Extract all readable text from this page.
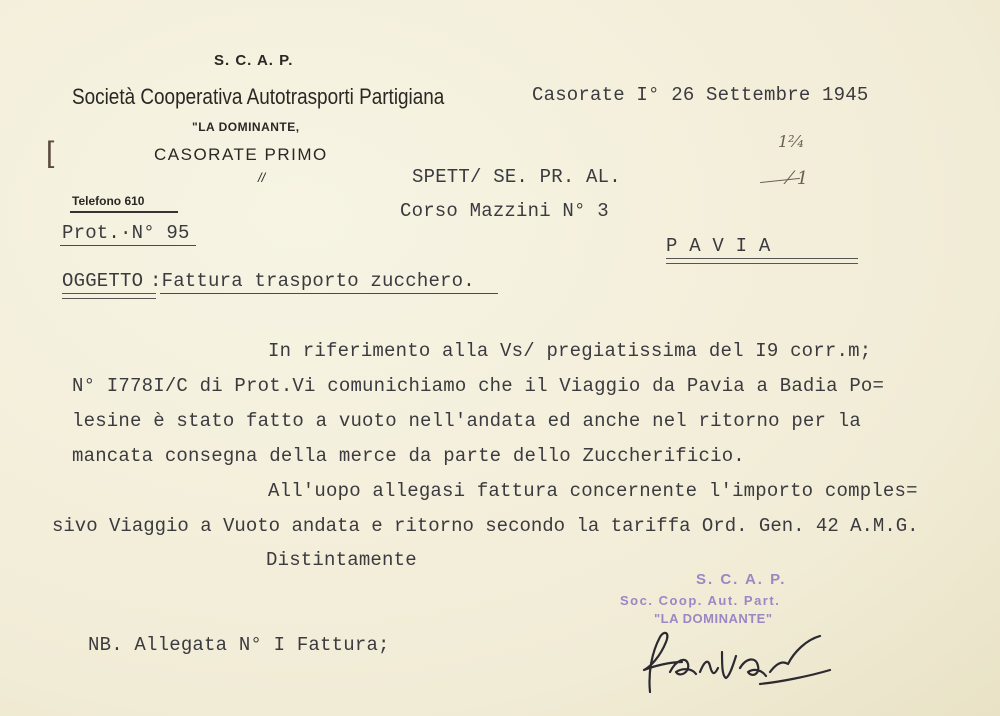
S. C. A. P.
Società Cooperativa Autotrasporti Partigiana
"LA DOMINANTE,
[	CASORATE PRIMO
//
Telefono 610
Casorate I° 26 Settembre 1945
1²⁄₄
⁄ 1
Prot.·N° 95
SPETT/ SE. PR. AL.
Corso Mazzini N° 3
P A V I A
OGGETTO :Fattura trasporto zucchero.
In riferimento alla Vs/ pregiatissima del I9 corr.m;
N° I778I/C di Prot.Vi comunichiamo che il Viaggio da Pavia a Badia Po=
lesine è stato fatto a vuoto nell'andata ed anche nel ritorno per la
mancata consegna della merce da parte dello Zuccherificio.
All'uopo allegasi fattura concernente l'importo comples=
sivo Viaggio a Vuoto andata e ritorno secondo la tariffa Ord. Gen. 42 A.M.G.
Distintamente
S. C. A. P.
Soc. Coop. Aut. Part.
"LA DOMINANTE"
NB. Allegata N° I Fattura;
